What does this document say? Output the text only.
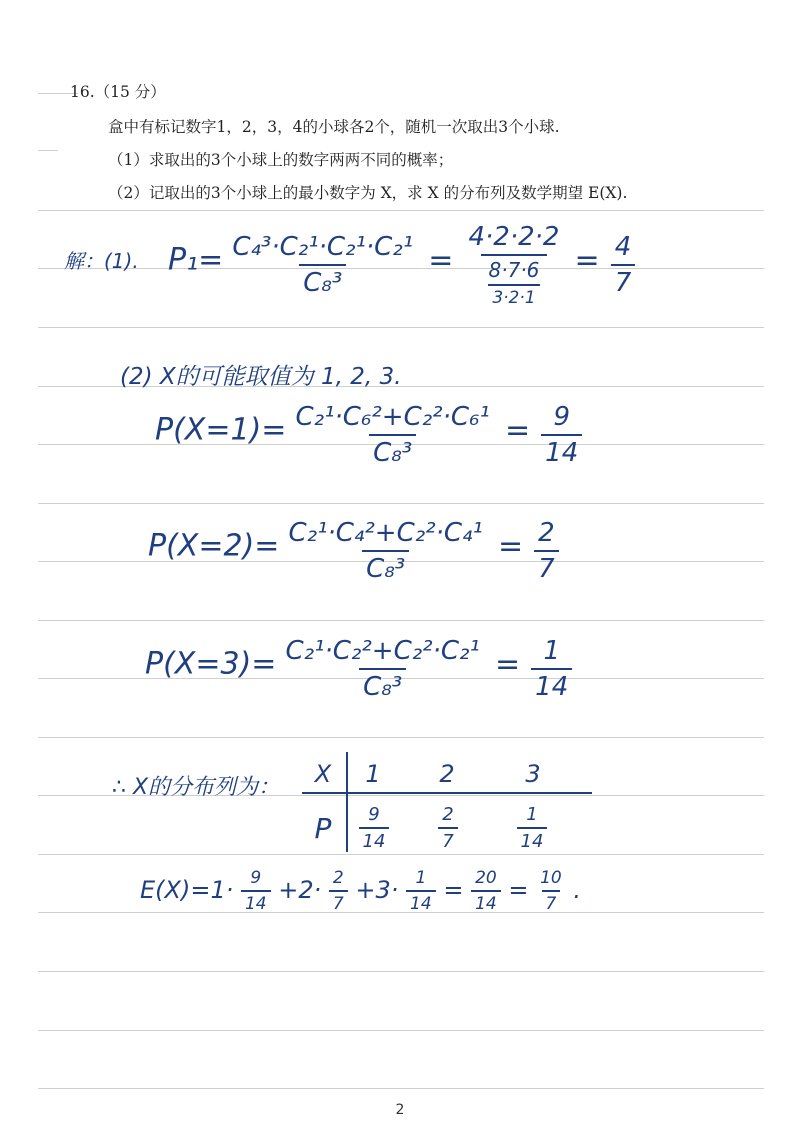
16.（15 分）
盒中有标记数字1，2，3，4的小球各2个，随机一次取出3个小球.
（1）求取出的3个小球上的数字两两不同的概率；
（2）记取出的3个小球上的最小数字为 X，求 X 的分布列及数学期望 E(X).
解：(1). $P_1= \frac{\text{C₄³·C₂¹·C₂¹·C₂¹}}{\text{C₈³}} = \frac{4\cdot 2\cdot 2\cdot 2}{\frac{8\cdot 7\cdot 6}{3\cdot 2\cdot 1}} = \frac{4}{7}$
(2) X的可能取值为 1, 2, 3.
$P(X=1)= \frac{\text{C₂¹·C₆²+C₂²·C₆¹}}{\text{C₈³}} = \frac{9}{14}$
$P(X=2)= \frac{\text{C₂¹·C₄²+C₂²·C₄¹}}{\text{C₈³}} = \frac{2}{7}$
$P(X=3)= \frac{\text{C₂¹·C₂²+C₂²·C₂¹}}{\text{C₈³}} = \frac{1}{14}$
∴ X的分布列为：	X	1	2	3
P	$\frac{9}{14}$	$\frac{2}{7}$	$\frac{1}{14}$
$E(X)=1\cdot \frac{9}{14} +2\cdot \frac{2}{7} +3\cdot \frac{1}{14} = \frac{20}{14} = \frac{10}{7}$ .
2
